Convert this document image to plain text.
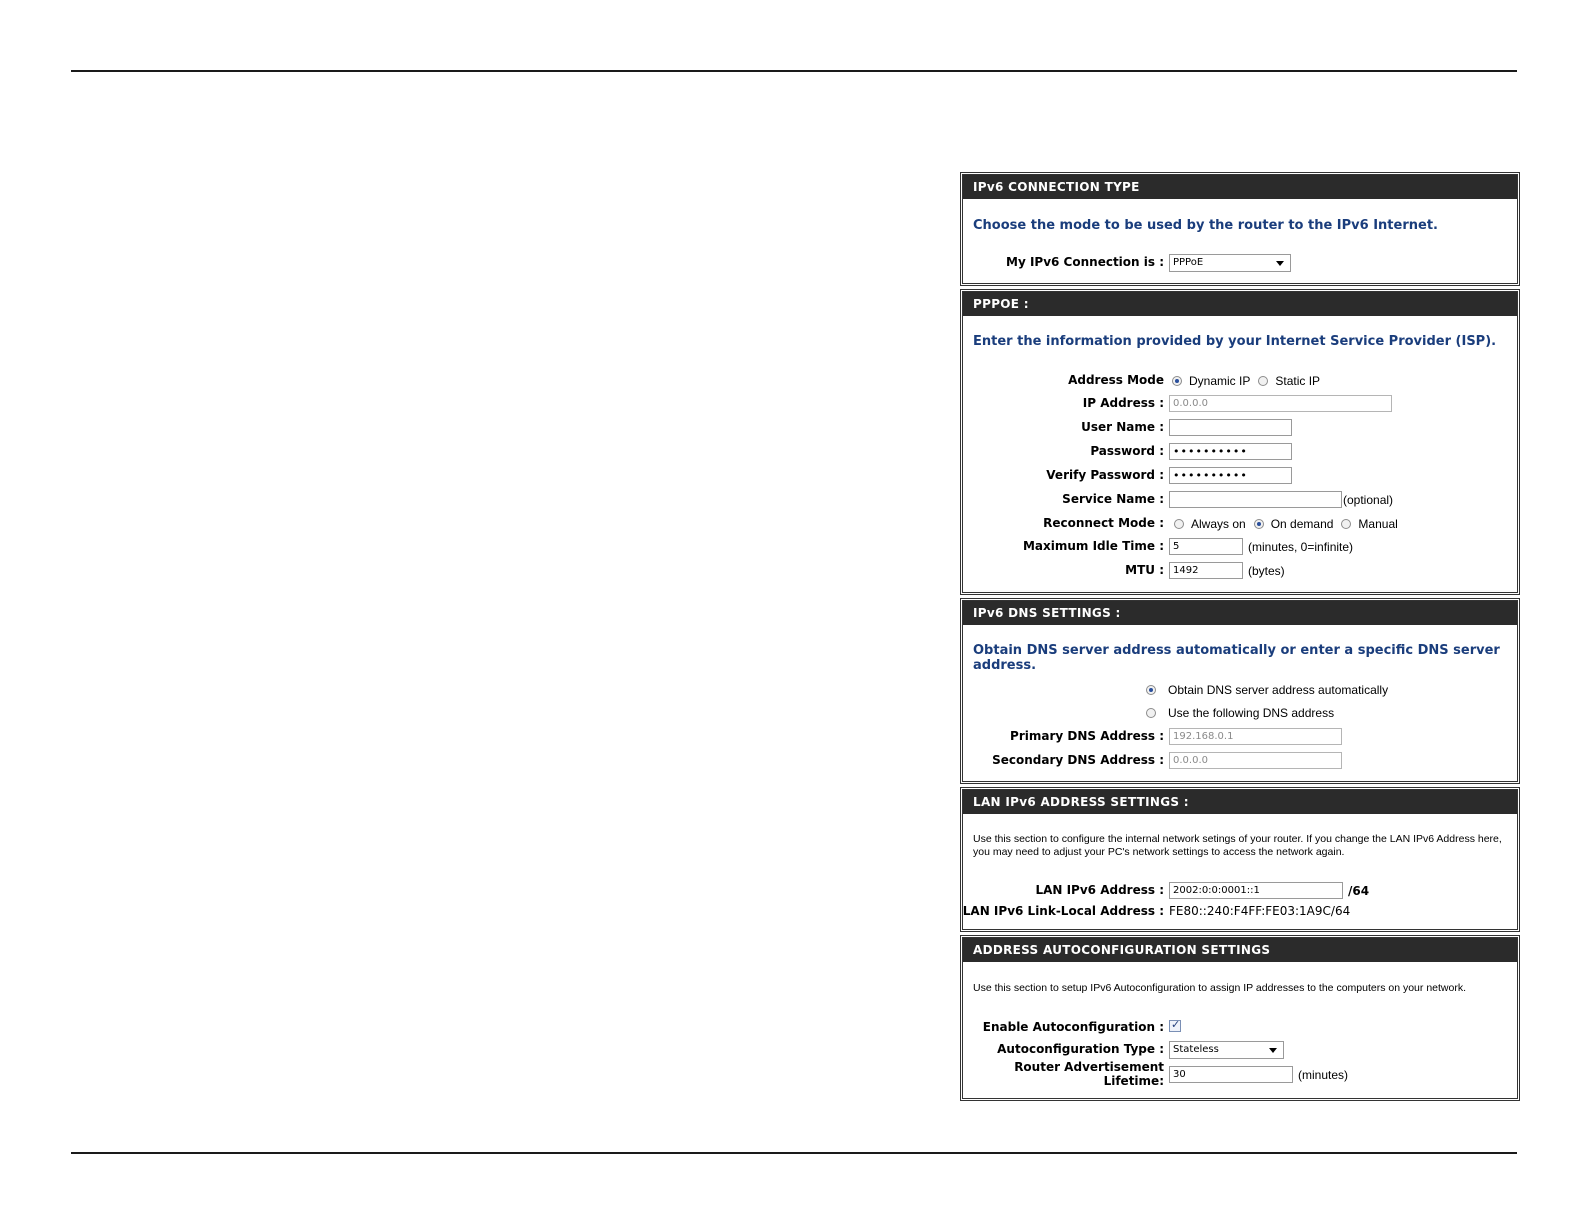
IPv6 CONNECTION TYPE
Choose the mode to be used by the router to the IPv6 Internet.
My IPv6 Connection is : PPPoE
PPPOE :
Enter the information provided by your Internet Service Provider (ISP).
Address Mode Dynamic IP Static IP
IP Address : 0.0.0.0
User Name :
Password : ••••••••••
Verify Password : ••••••••••
Service Name :	(optional)
Reconnect Mode : Always on On demand Manual
Maximum Idle Time : 5	(minutes, 0=infinite)
MTU : 1492	(bytes)
IPv6 DNS SETTINGS :
Obtain DNS server address automatically or enter a specific DNS server address.
Obtain DNS server address automatically
Use the following DNS address
Primary DNS Address : 192.168.0.1
Secondary DNS Address : 0.0.0.0
LAN IPv6 ADDRESS SETTINGS :
Use this section to configure the internal network setings of your router. If you change the LAN IPv6 Address here, you may need to adjust your PC's network settings to access the network again.
LAN IPv6 Address : 2002:0:0:0001::1	/64
LAN IPv6 Link-Local Address : FE80::240:F4FF:FE03:1A9C/64
ADDRESS AUTOCONFIGURATION SETTINGS
Use this section to setup IPv6 Autoconfiguration to assign IP addresses to the computers on your network.
Enable Autoconfiguration :
✓
Autoconfiguration Type : Stateless
Router Advertisement
Lifetime: 30	(minutes)
